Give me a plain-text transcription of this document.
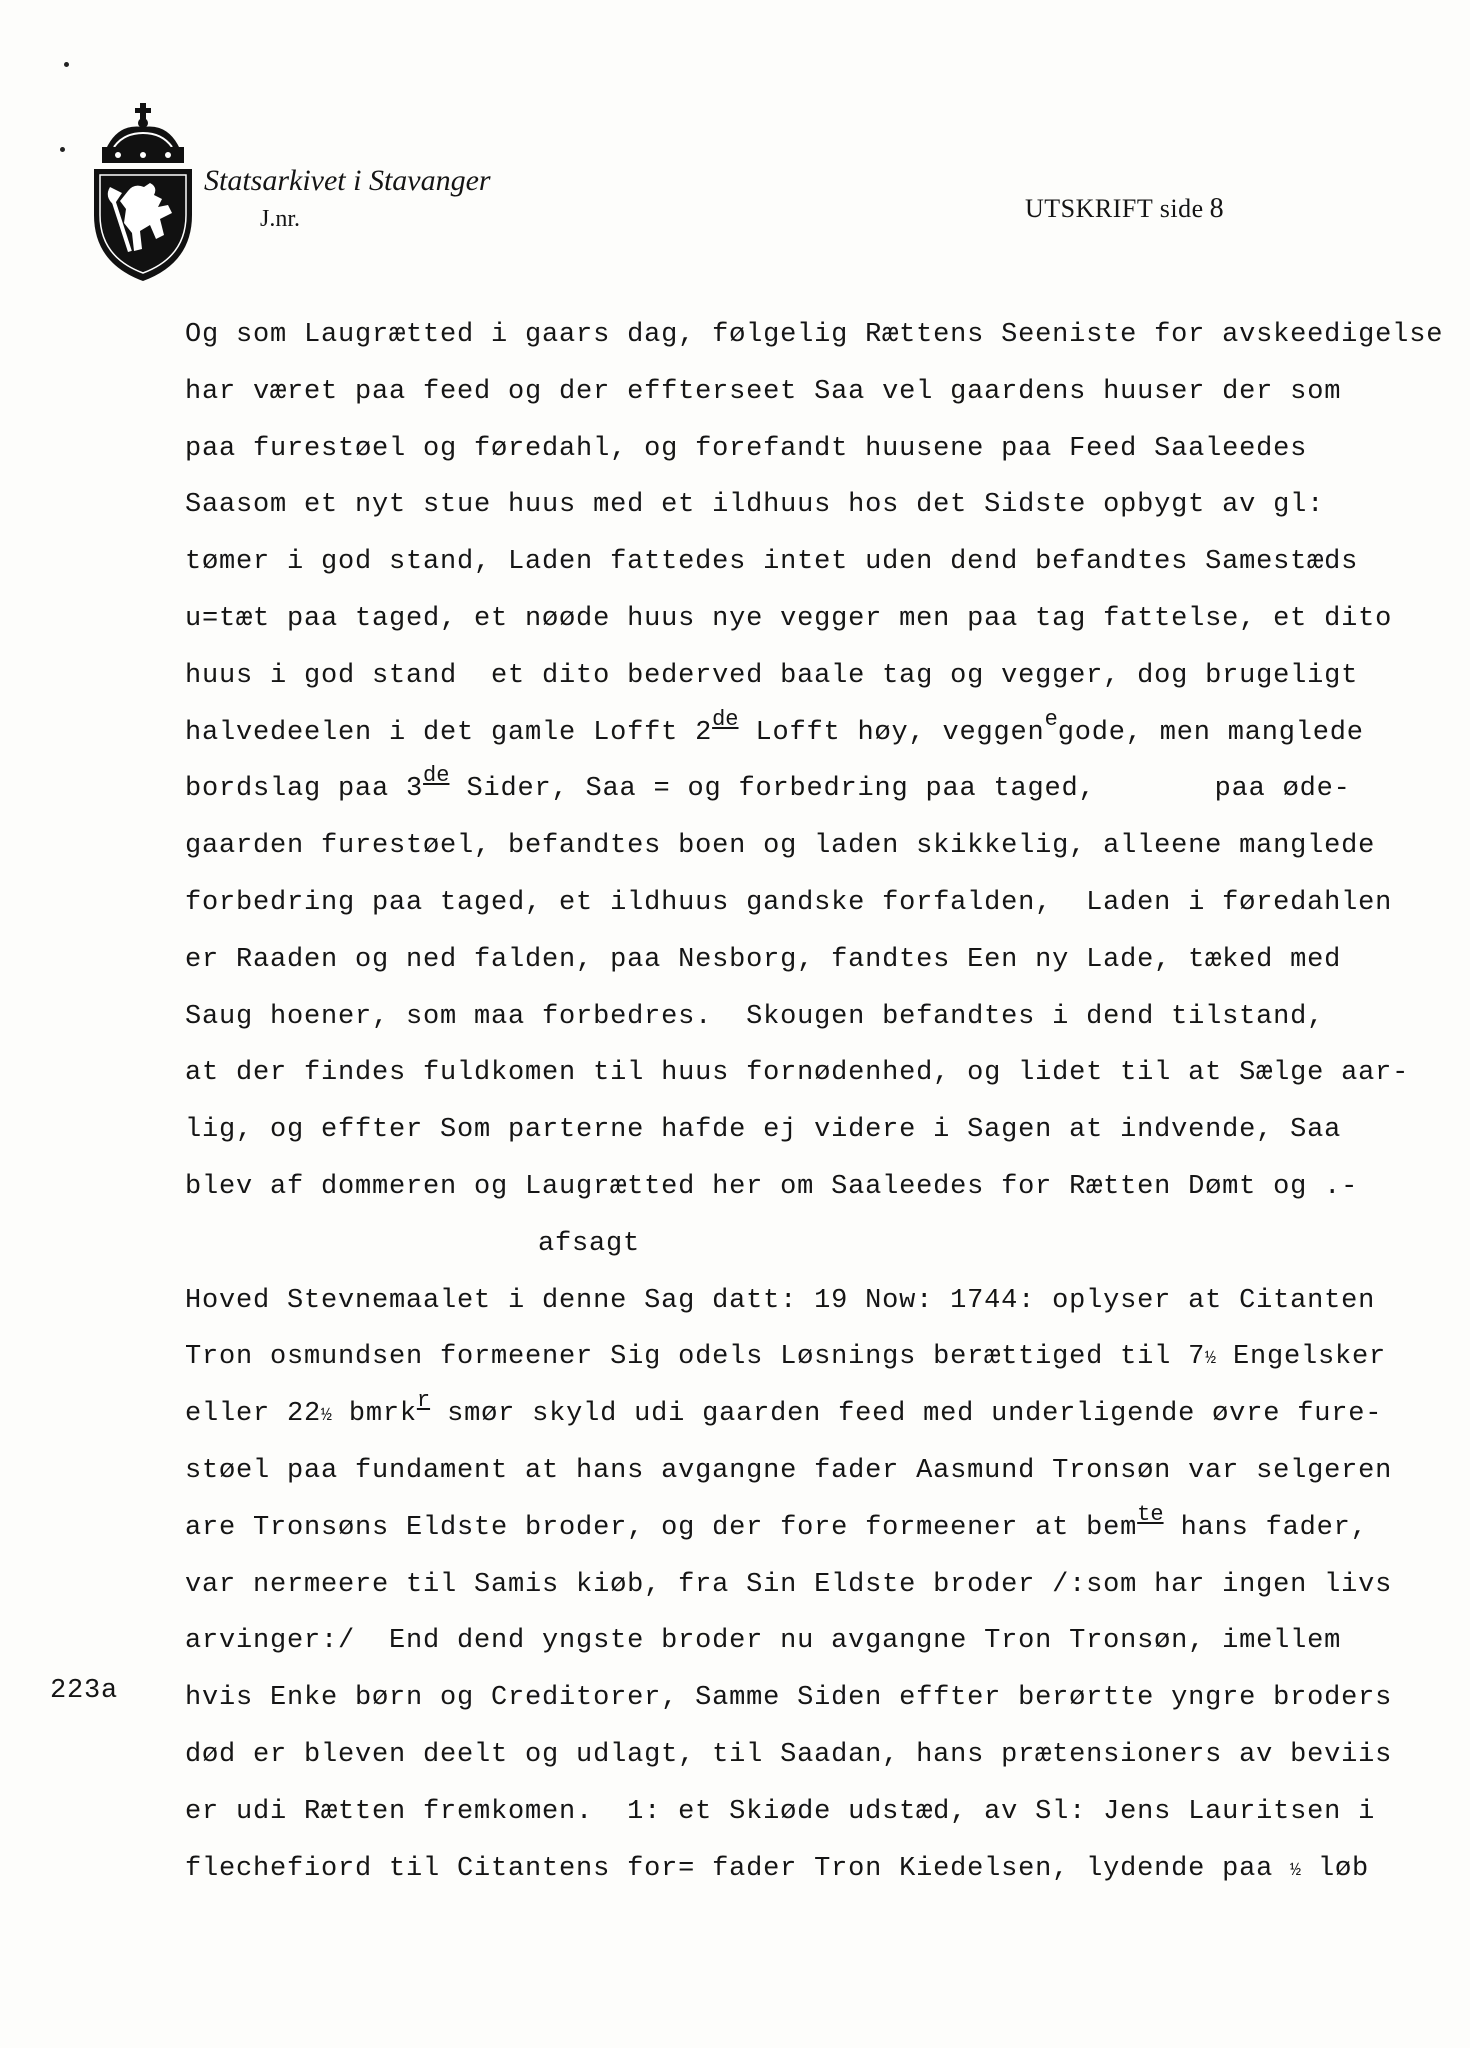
Statsarkivet i Stavanger
J.nr.	UTSKRIFT side 8
223a
Og som Laugrætted i gaars dag, følgelig Rættens Seeniste for avskeedigelse
har været paa feed og der effterseet Saa vel gaardens huuser der som
paa furestøel og føredahl, og forefandt huusene paa Feed Saaleedes
Saasom et nyt stue huus med et ildhuus hos det Sidste opbygt av gl:
tømer i god stand, Laden fattedes intet uden dend befandtes Samestæds
u=tæt paa taged, et nøøde huus nye vegger men paa tag fattelse, et dito
huus i god stand  et dito bederved baale tag og vegger, dog brugeligt
halvedeelen i det gamle Lofft 2de Lofft høy, veggen$^e$gode, men manglede
bordslag paa 3de Sider, Saa = og forbedring paa taged,       paa øde-
gaarden furestøel, befandtes boen og laden skikkelig, alleene manglede
forbedring paa taged, et ildhuus gandske forfalden,  Laden i føredahlen
er Raaden og ned falden, paa Nesborg, fandtes Een ny Lade, tæked med
Saug hoener, som maa forbedres.  Skougen befandtes i dend tilstand,
at der findes fuldkomen til huus fornødenhed, og lidet til at Sælge aar-
lig, og effter Som parterne hafde ej videre i Sagen at indvende, Saa
blev af dommeren og Laugrætted her om Saaleedes for Rætten Dømt og .-
afsagt
Hoved Stevnemaalet i denne Sag datt: 19 Now: 1744: oplyser at Citanten
Tron osmundsen formeener Sig odels Løsnings berættiged til 7½ Engelsker
eller 22½ bmrk$^r$ smør skyld udi gaarden feed med underligende øvre fure-
støel paa fundament at hans avgangne fader Aasmund Tronsøn var selgeren
are Tronsøns Eldste broder, og der fore formeener at bem$^{te}$ hans fader,
var nermeere til Samis kiøb, fra Sin Eldste broder /:som har ingen livs
arvinger:/  End dend yngste broder nu avgangne Tron Tronsøn, imellem
hvis Enke børn og Creditorer, Samme Siden effter berørtte yngre broders
død er bleven deelt og udlagt, til Saadan, hans prætensioners av beviis
er udi Rætten fremkomen.  1: et Skiøde udstæd, av Sl: Jens Lauritsen i
flechefiord til Citantens for= fader Tron Kiedelsen, lydende paa ½ løb
